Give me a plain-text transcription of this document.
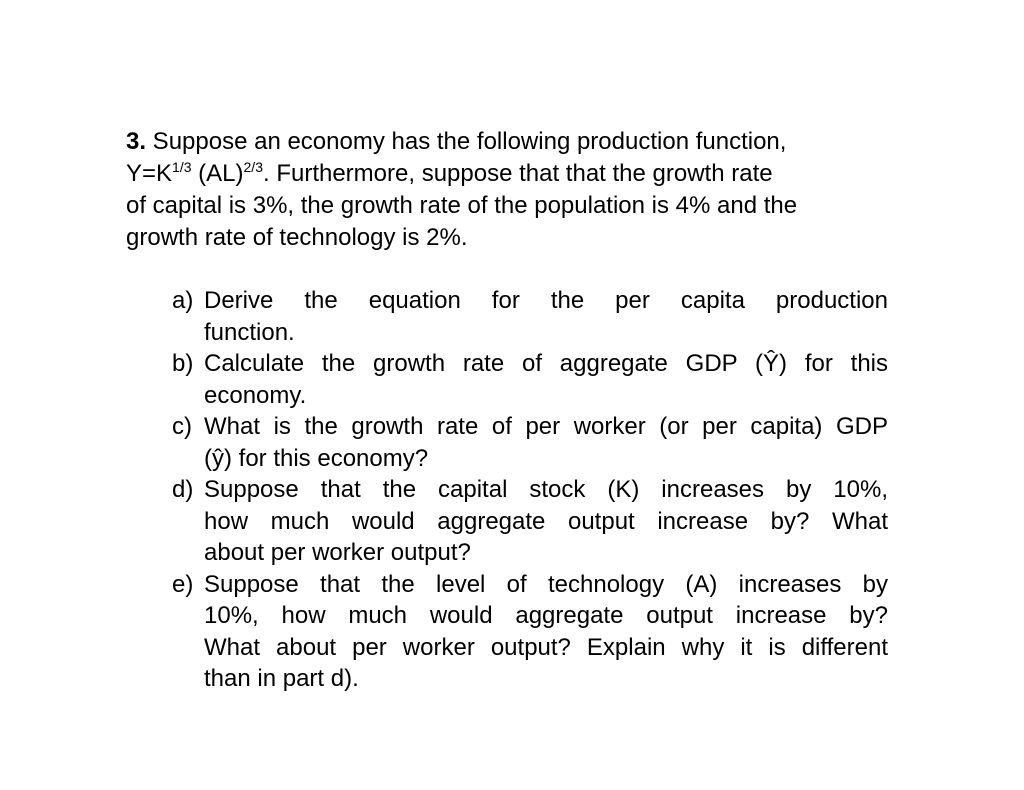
3. Suppose an economy has the following production function,
$Y=K^{1/3}$ (AL)$^{2/3}$. Furthermore, suppose that that the growth rate
of capital is 3%, the growth rate of the population is 4% and the
growth rate of technology is 2%.
a) Derive the equation for the per capita production
function.
b) Calculate the growth rate of aggregate GDP (Ŷ) for this
economy.
c) What is the growth rate of per worker (or per capita) GDP
(ŷ) for this economy?
d) Suppose that the capital stock (K) increases by 10%,
how much would aggregate output increase by? What
about per worker output?
e) Suppose that the level of technology (A) increases by
10%, how much would aggregate output increase by?
What about per worker output? Explain why it is different
than in part d).
